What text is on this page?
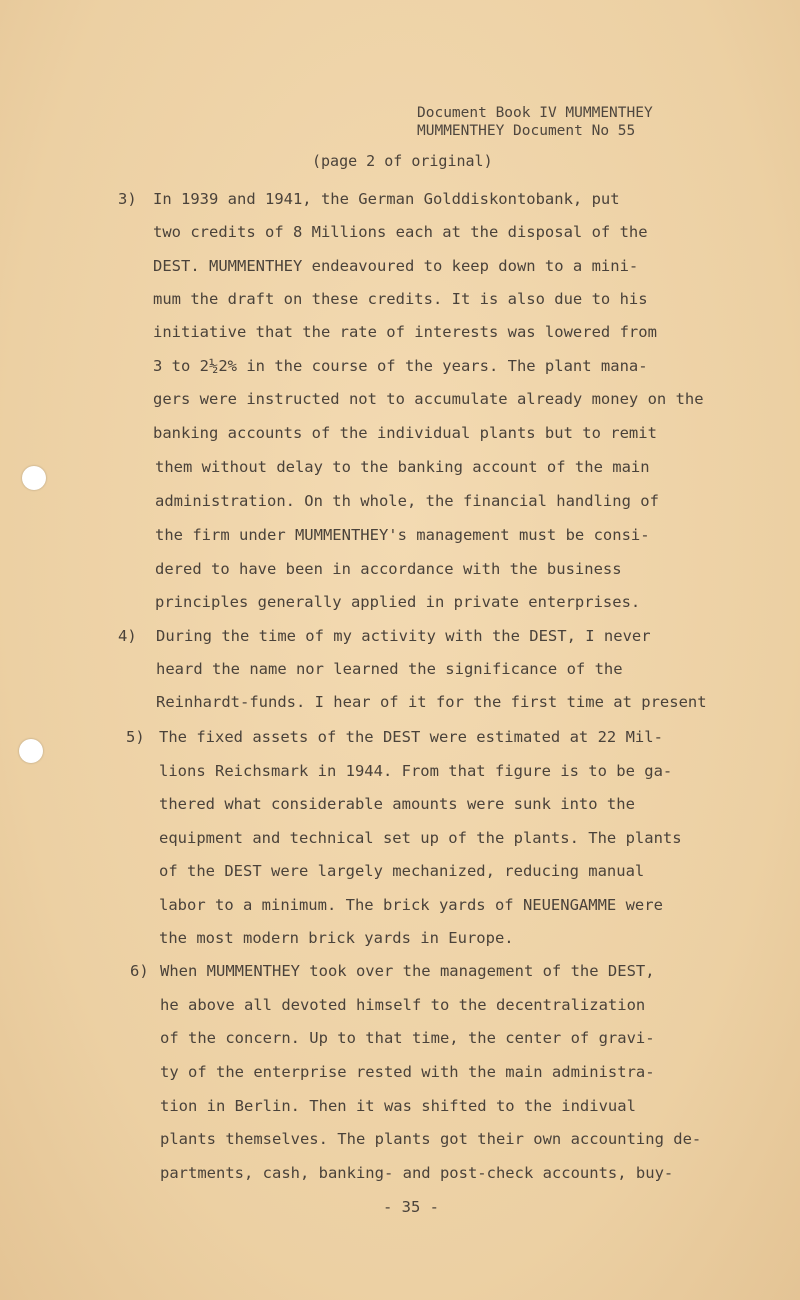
Document Book IV MUMMENTHEY
MUMMENTHEY Document No 55
(page 2 of original)
3) In 1939 and 1941, the German Golddiskontobank, put
two credits of 8 Millions each at the disposal of the
DEST. MUMMENTHEY endeavoured to keep down to a mini-
mum the draft on these credits. It is also due to his
initiative that the rate of interests was lowered from
3 to 2½2% in the course of the years. The plant mana-
gers were instructed not to accumulate already money on the
banking accounts of the individual plants but to remit
them without delay to the banking account of the main
administration. On th whole, the financial handling of
the firm under MUMMENTHEY's management must be consi-
dered to have been in accordance with the business
principles generally applied in private enterprises.
4) During the time of my activity with the DEST, I never
heard the name nor learned the significance of the
Reinhardt-funds. I hear of it for the first time at present
5) The fixed assets of the DEST were estimated at 22 Mil-
lions Reichsmark in 1944. From that figure is to be ga-
thered what considerable amounts were sunk into the
equipment and technical set up of the plants. The plants
of the DEST were largely mechanized, reducing manual
labor to a minimum. The brick yards of NEUENGAMME were
the most modern brick yards in Europe.
6) When MUMMENTHEY took over the management of the DEST,
he above all devoted himself to the decentralization
of the concern. Up to that time, the center of gravi-
ty of the enterprise rested with the main administra-
tion in Berlin. Then it was shifted to the indivual
plants themselves. The plants got their own accounting de-
partments, cash, banking- and post-check accounts, buy-
- 35 -
